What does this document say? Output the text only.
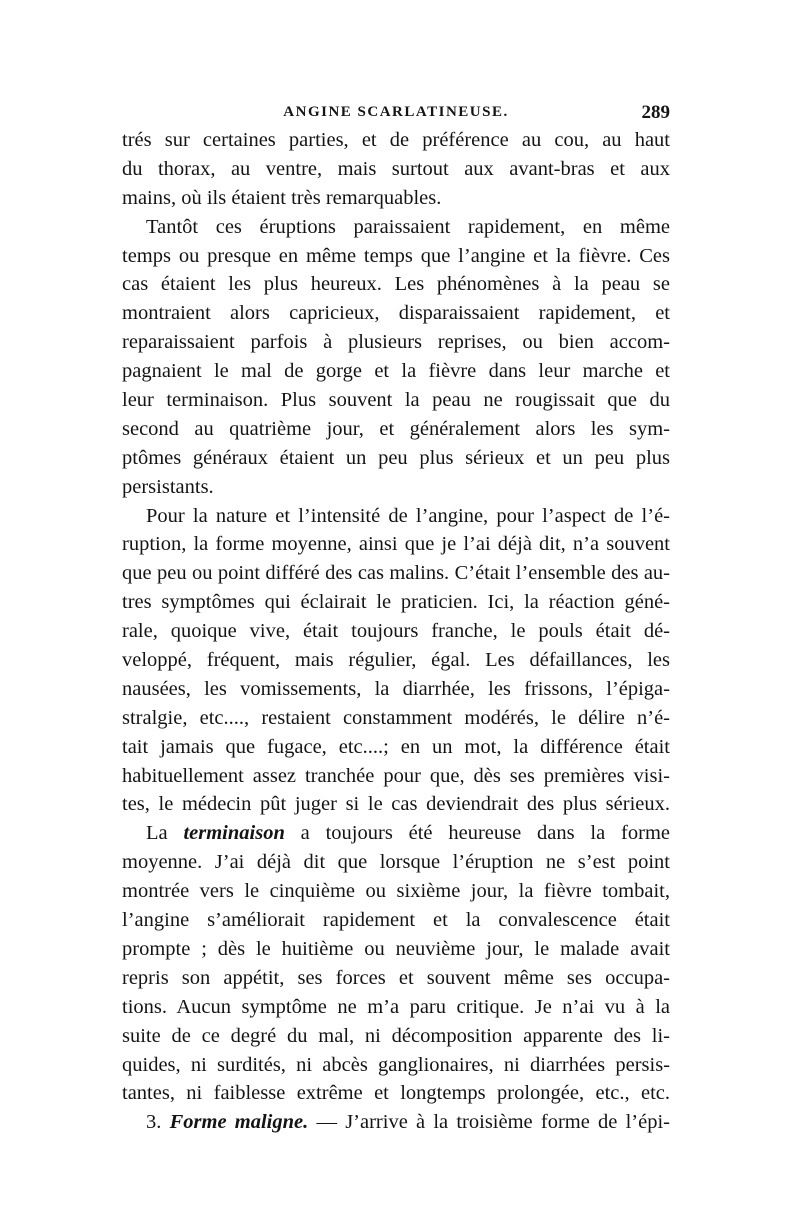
ANGINE SCARLATINEUSE.	289
trés sur certaines parties, et de préférence au cou, au haut
du thorax, au ventre, mais surtout aux avant-bras et aux
mains, où ils étaient très remarquables.
Tantôt ces éruptions paraissaient rapidement, en même
temps ou presque en même temps que l’angine et la fièvre. Ces
cas étaient les plus heureux. Les phénomènes à la peau se
montraient alors capricieux, disparaissaient rapidement, et
reparaissaient parfois à plusieurs reprises, ou bien accom-
pagnaient le mal de gorge et la fièvre dans leur marche et
leur terminaison. Plus souvent la peau ne rougissait que du
second au quatrième jour, et généralement alors les sym-
ptômes généraux étaient un peu plus sérieux et un peu plus
persistants.
Pour la nature et l’intensité de l’angine, pour l’aspect de l’é-
ruption, la forme moyenne, ainsi que je l’ai déjà dit, n’a souvent
que peu ou point différé des cas malins. C’était l’ensemble des au-
tres symptômes qui éclairait le praticien. Ici, la réaction géné-
rale, quoique vive, était toujours franche, le pouls était dé-
veloppé, fréquent, mais régulier, égal. Les défaillances, les
nausées, les vomissements, la diarrhée, les frissons, l’épiga-
stralgie, etc...., restaient constamment modérés, le délire n’é-
tait jamais que fugace, etc....; en un mot, la différence était
habituellement assez tranchée pour que, dès ses premières visi-
tes, le médecin pût juger si le cas deviendrait des plus sérieux.
La terminaison a toujours été heureuse dans la forme
moyenne. J’ai déjà dit que lorsque l’éruption ne s’est point
montrée vers le cinquième ou sixième jour, la fièvre tombait,
l’angine s’améliorait rapidement et la convalescence était
prompte ; dès le huitième ou neuvième jour, le malade avait
repris son appétit, ses forces et souvent même ses occupa-
tions. Aucun symptôme ne m’a paru critique. Je n’ai vu à la
suite de ce degré du mal, ni décomposition apparente des li-
quides, ni surdités, ni abcès ganglionaires, ni diarrhées persis-
tantes, ni faiblesse extrême et longtemps prolongée, etc., etc.
3. Forme maligne. — J’arrive à la troisième forme de l’épi-
